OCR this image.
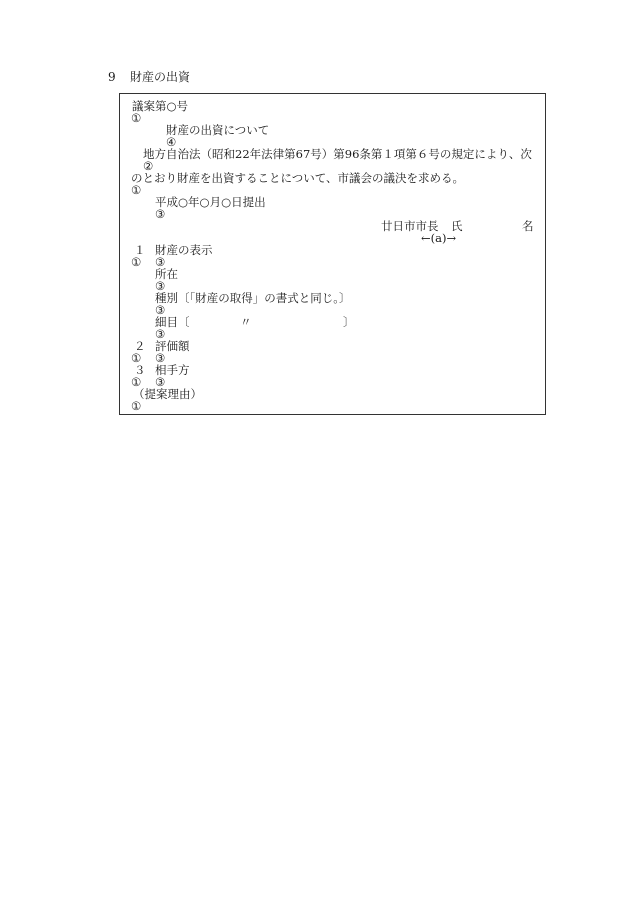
9 財産の出資
議案第○号
①
財産の出資について
④
地方自治法（昭和22年法律第67号）第96条第１項第６号の規定により、次
②
のとおり財産を出資することについて、市議会の議決を求める。
①
平成○年○月○日提出
③
廿日市市長 氏	名
←(a)→
１ 財産の表示
① ③
所在
③
種別〔「財産の取得」の書式と同じ。〕
③
細目〔	〃	〕
③
２ 評価額
① ③
３ 相手方
① ③
（提案理由）
①
